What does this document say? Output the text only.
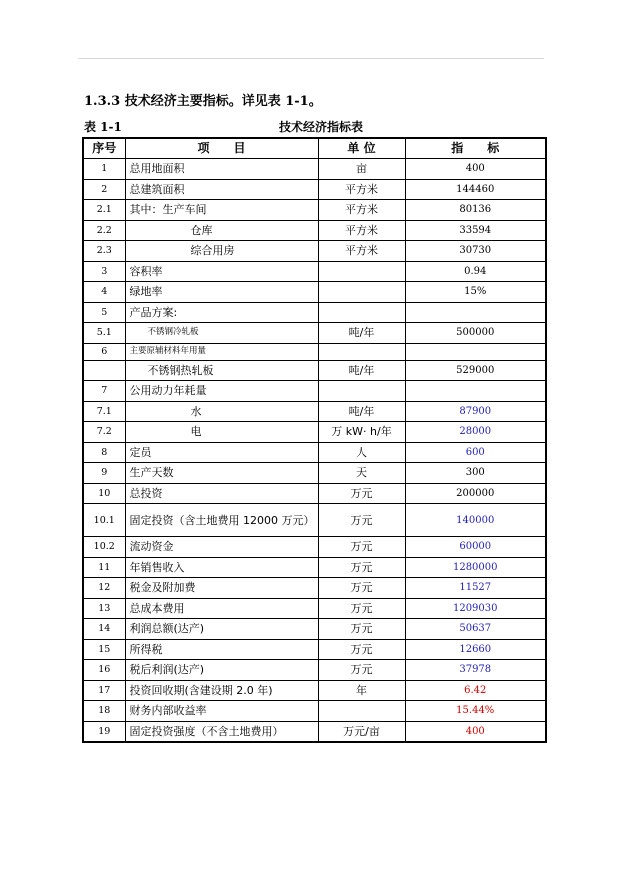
1.3.3 技术经济主要指标。详见表 1-1。
表 1-1	技术经济指标表
序号	项　　目	单 位	指　　标
1	总用地面积	亩	400
2	总建筑面积	平方米	144460
2.1	其中：生产车间	平方米	80136
2.2	仓库	平方米	33594
2.3	综合用房	平方米	30730
3	容积率		0.94
4	绿地率		15%
5	产品方案:		
5.1	不锈钢冷轧板	吨/年	500000
6	主要原辅材料年用量		
	不锈钢热轧板	吨/年	529000
7	公用动力年耗量		
7.1	水	吨/年	87900
7.2	电	万 kW· h/年	28000
8	定员	人	600
9	生产天数	天	300
10	总投资	万元	200000
10.1	固定投资（含土地费用 12000 万元）	万元	140000
10.2	流动资金	万元	60000
11	年销售收入	万元	1280000
12	税金及附加费	万元	11527
13	总成本费用	万元	1209030
14	利润总额(达产)	万元	50637
15	所得税	万元	12660
16	税后利润(达产)	万元	37978
17	投资回收期(含建设期 2.0 年)	年	6.42
18	财务内部收益率		15.44%
19	固定投资强度（不含土地费用）	万元/亩	400
